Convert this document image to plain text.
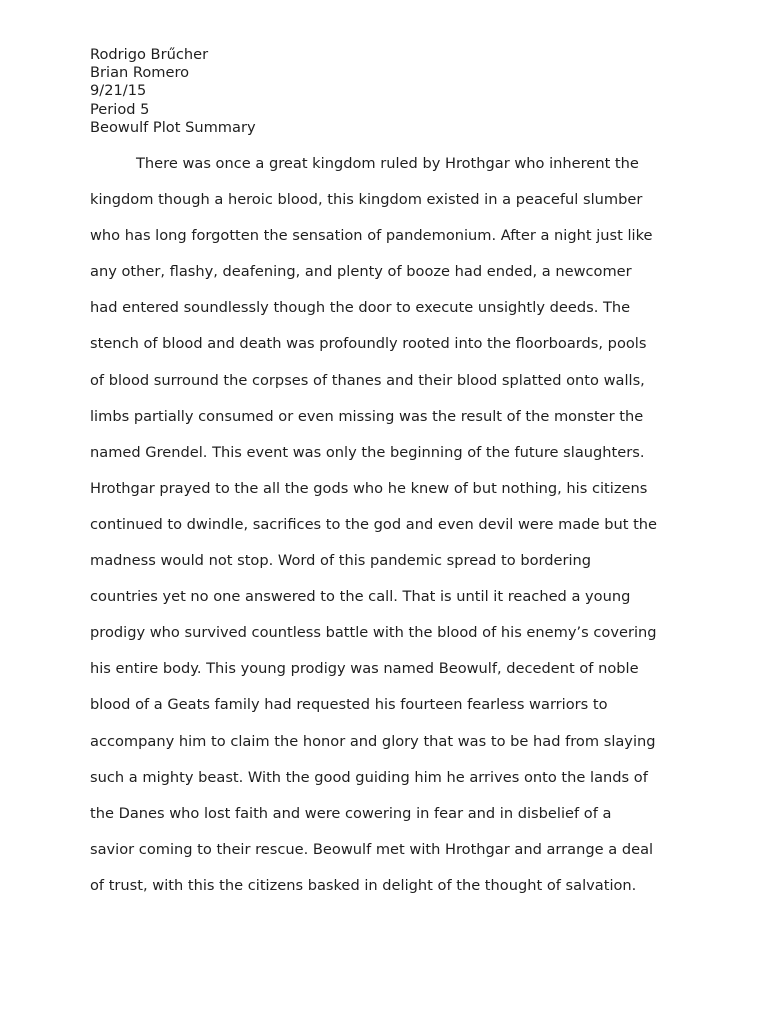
Rodrigo Brűcher
Brian Romero
9/21/15
Period 5
Beowulf Plot Summary
There was once a great kingdom ruled by Hrothgar who inherent the
kingdom though a heroic blood, this kingdom existed in a peaceful slumber
who has long forgotten the sensation of pandemonium. After a night just like
any other, flashy, deafening, and plenty of booze had ended, a newcomer
had entered soundlessly though the door to execute unsightly deeds. The
stench of blood and death was profoundly rooted into the floorboards, pools
of blood surround the corpses of thanes and their blood splatted onto walls,
limbs partially consumed or even missing was the result of the monster the
named Grendel. This event was only the beginning of the future slaughters.
Hrothgar prayed to the all the gods who he knew of but nothing, his citizens
continued to dwindle, sacrifices to the god and even devil were made but the
madness would not stop. Word of this pandemic spread to bordering
countries yet no one answered to the call. That is until it reached a young
prodigy who survived countless battle with the blood of his enemy’s covering
his entire body. This young prodigy was named Beowulf, decedent of noble
blood of a Geats family had requested his fourteen fearless warriors to
accompany him to claim the honor and glory that was to be had from slaying
such a mighty beast. With the good guiding him he arrives onto the lands of
the Danes who lost faith and were cowering in fear and in disbelief of a
savior coming to their rescue. Beowulf met with Hrothgar and arrange a deal
of trust, with this the citizens basked in delight of the thought of salvation.
